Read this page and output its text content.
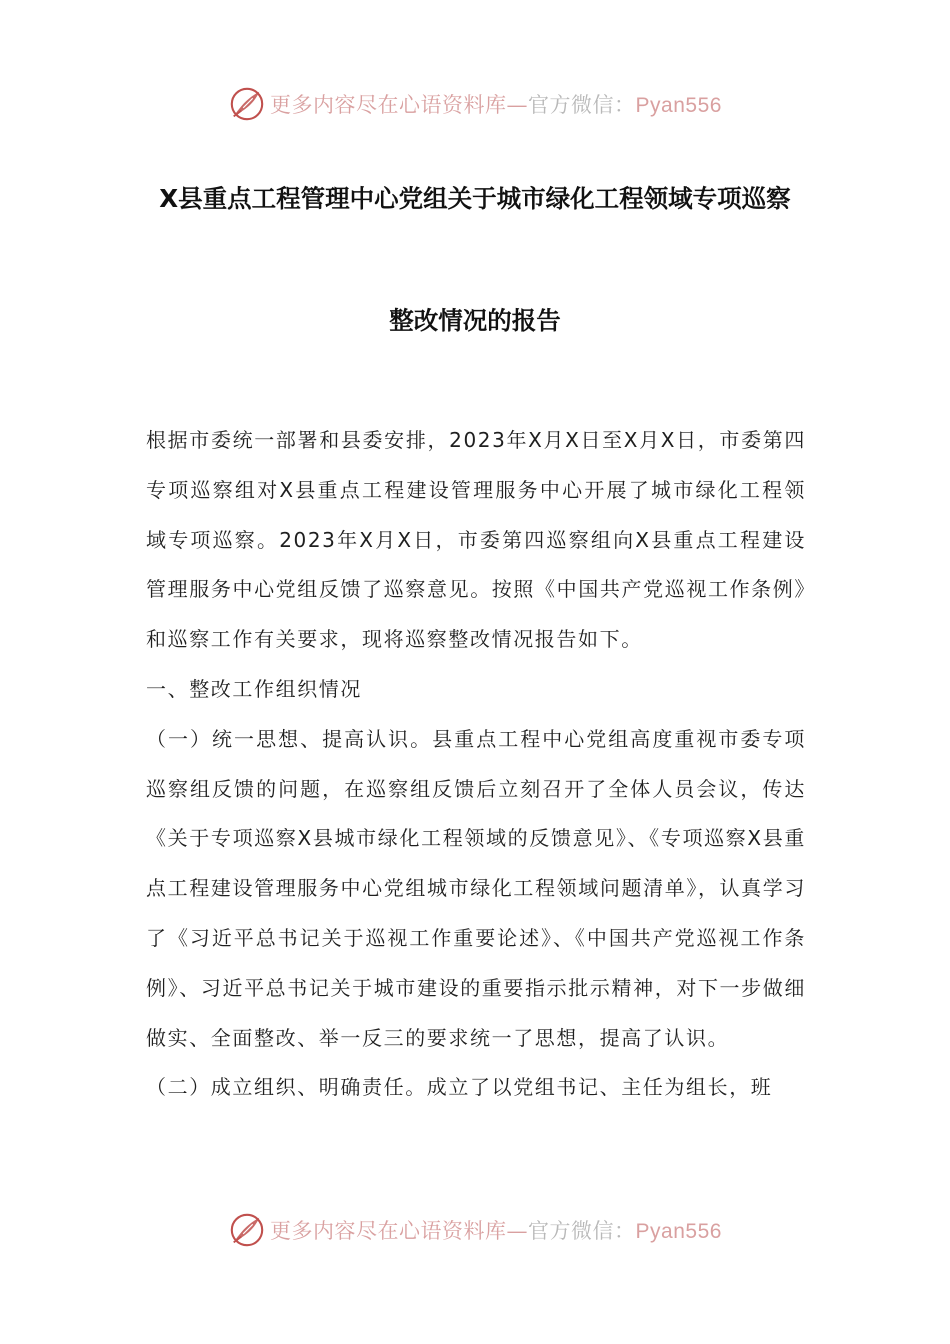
更多内容尽在心语资料库—官方微信：Pyan556
X县重点工程管理中心党组关于城市绿化工程领域专项巡察
整改情况的报告

根据市委统一部署和县委安排，2023年X月X日至X月X日，市委第四专项巡察组对X县重点工程建设管理服务中心开展了城市绿化工程领域专项巡察。2023年X月X日，市委第四巡察组向X县重点工程建设管理服务中心党组反馈了巡察意见。按照《中国共产党巡视工作条例》和巡察工作有关要求，现将巡察整改情况报告如下。

一、整改工作组织情况

（一）统一思想、提高认识。县重点工程中心党组高度重视市委专项巡察组反馈的问题，在巡察组反馈后立刻召开了全体人员会议，传达《关于专项巡察X县城市绿化工程领域的反馈意见》、《专项巡察X县重点工程建设管理服务中心党组城市绿化工程领域问题清单》，认真学习了《习近平总书记关于巡视工作重要论述》、《中国共产党巡视工作条例》、习近平总书记关于城市建设的重要指示批示精神，对下一步做细做实、全面整改、举一反三的要求统一了思想，提高了认识。

（二）成立组织、明确责任。成立了以党组书记、主任为组长，班

更多内容尽在心语资料库—官方微信：Pyan556
